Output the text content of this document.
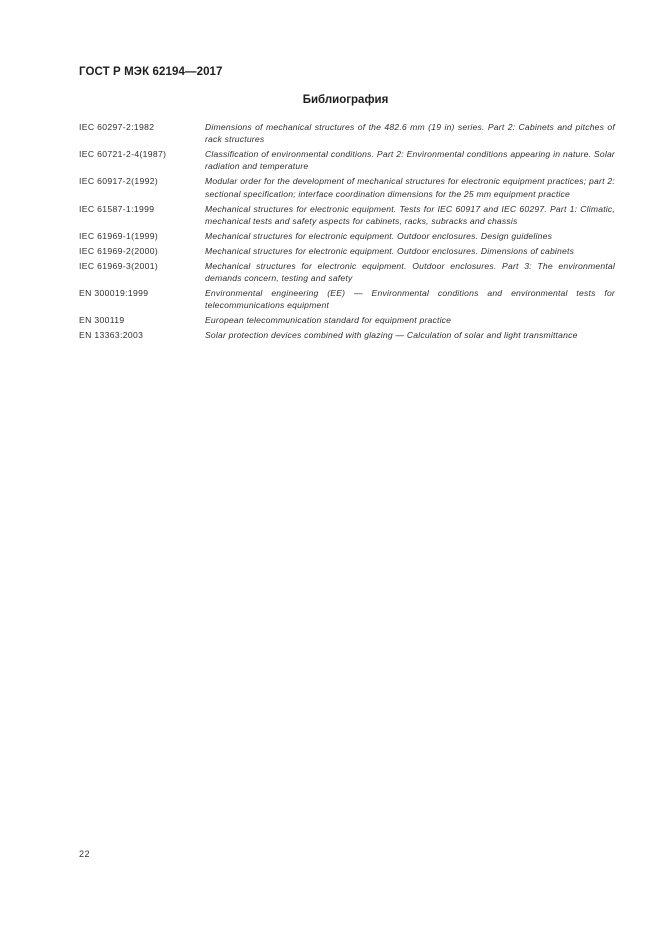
ГОСТ Р МЭК 62194—2017
Библиография
IEC 60297-2:1982	Dimensions of mechanical structures of the 482.6 mm (19 in) series. Part 2: Cabinets and pitches of rack structures
IEC 60721-2-4(1987)	Classification of environmental conditions. Part 2: Environmental conditions appearing in nature. Solar radiation and temperature
IEC 60917-2(1992)	Modular order for the development of mechanical structures for electronic equipment practices; part 2: sectional specification; interface coordination dimensions for the 25 mm equipment practice
IEC 61587-1:1999	Mechanical structures for electronic equipment. Tests for IEC 60917 and IEC 60297. Part 1: Climatic, mechanical tests and safety aspects for cabinets, racks, subracks and chassis
IEC 61969-1(1999)	Mechanical structures for electronic equipment. Outdoor enclosures. Design guidelines
IEC 61969-2(2000)	Mechanical structures for electronic equipment. Outdoor enclosures. Dimensions of cabinets
IEC 61969-3(2001)	Mechanical structures for electronic equipment. Outdoor enclosures. Part 3: The environmental demands concern, testing and safety
EN 300019:1999	Environmental engineering (EE) — Environmental conditions and environmental tests for telecommunications equipment
EN 300119	European telecommunication standard for equipment practice
EN 13363:2003	Solar protection devices combined with glazing — Calculation of solar and light transmittance
22
